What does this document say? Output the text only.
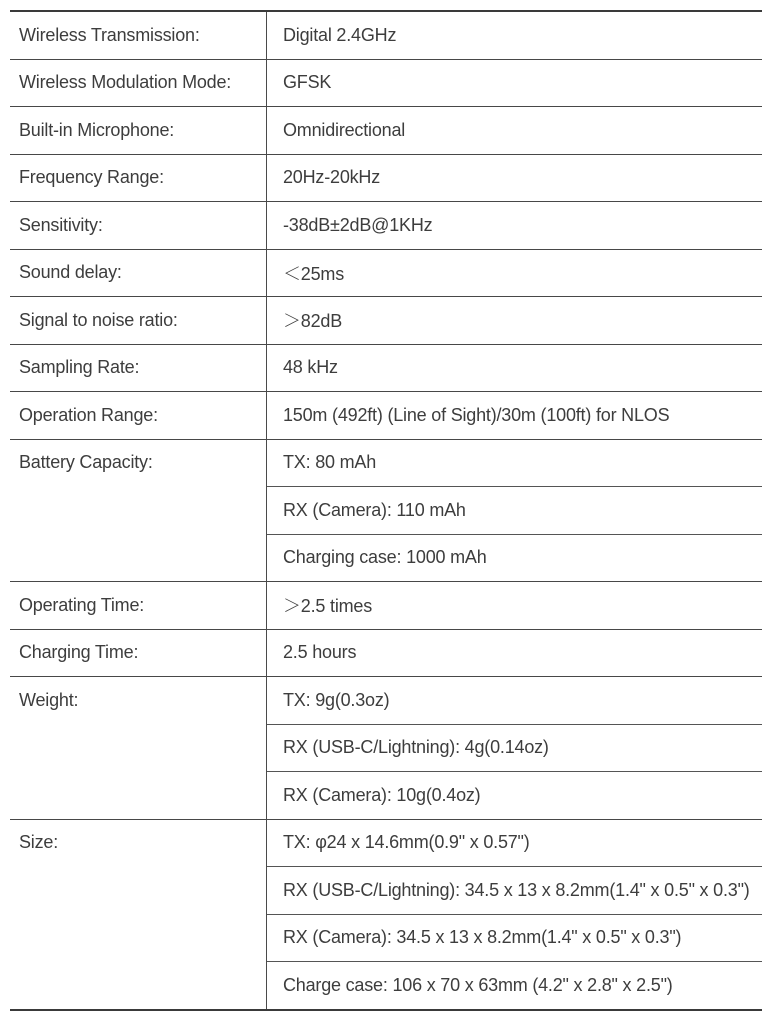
Wireless Transmission:	Digital 2.4GHz
Wireless Modulation Mode:	GFSK
Built-in Microphone:	Omnidirectional
Frequency Range:	20Hz-20kHz
Sensitivity:	-38dB±2dB@1KHz
Sound delay:	＜25ms
Signal to noise ratio:	＞82dB
Sampling Rate:	48 kHz
Operation Range:	150m (492ft) (Line of Sight)/30m (100ft) for NLOS
Battery Capacity:	TX: 80 mAh
RX (Camera): 110 mAh
Charging case: 1000 mAh
Operating Time:	＞2.5 times
Charging Time:	2.5 hours
Weight:	TX: 9g(0.3oz)
RX (USB-C/Lightning): 4g(0.14oz)
RX (Camera): 10g(0.4oz)
Size:	TX: φ24 x 14.6mm(0.9" x 0.57")
RX (USB-C/Lightning): 34.5 x 13 x 8.2mm(1.4" x 0.5" x 0.3")
RX (Camera): 34.5 x 13 x 8.2mm(1.4" x 0.5" x 0.3")
Charge case: 106 x 70 x 63mm (4.2" x 2.8" x 2.5")
